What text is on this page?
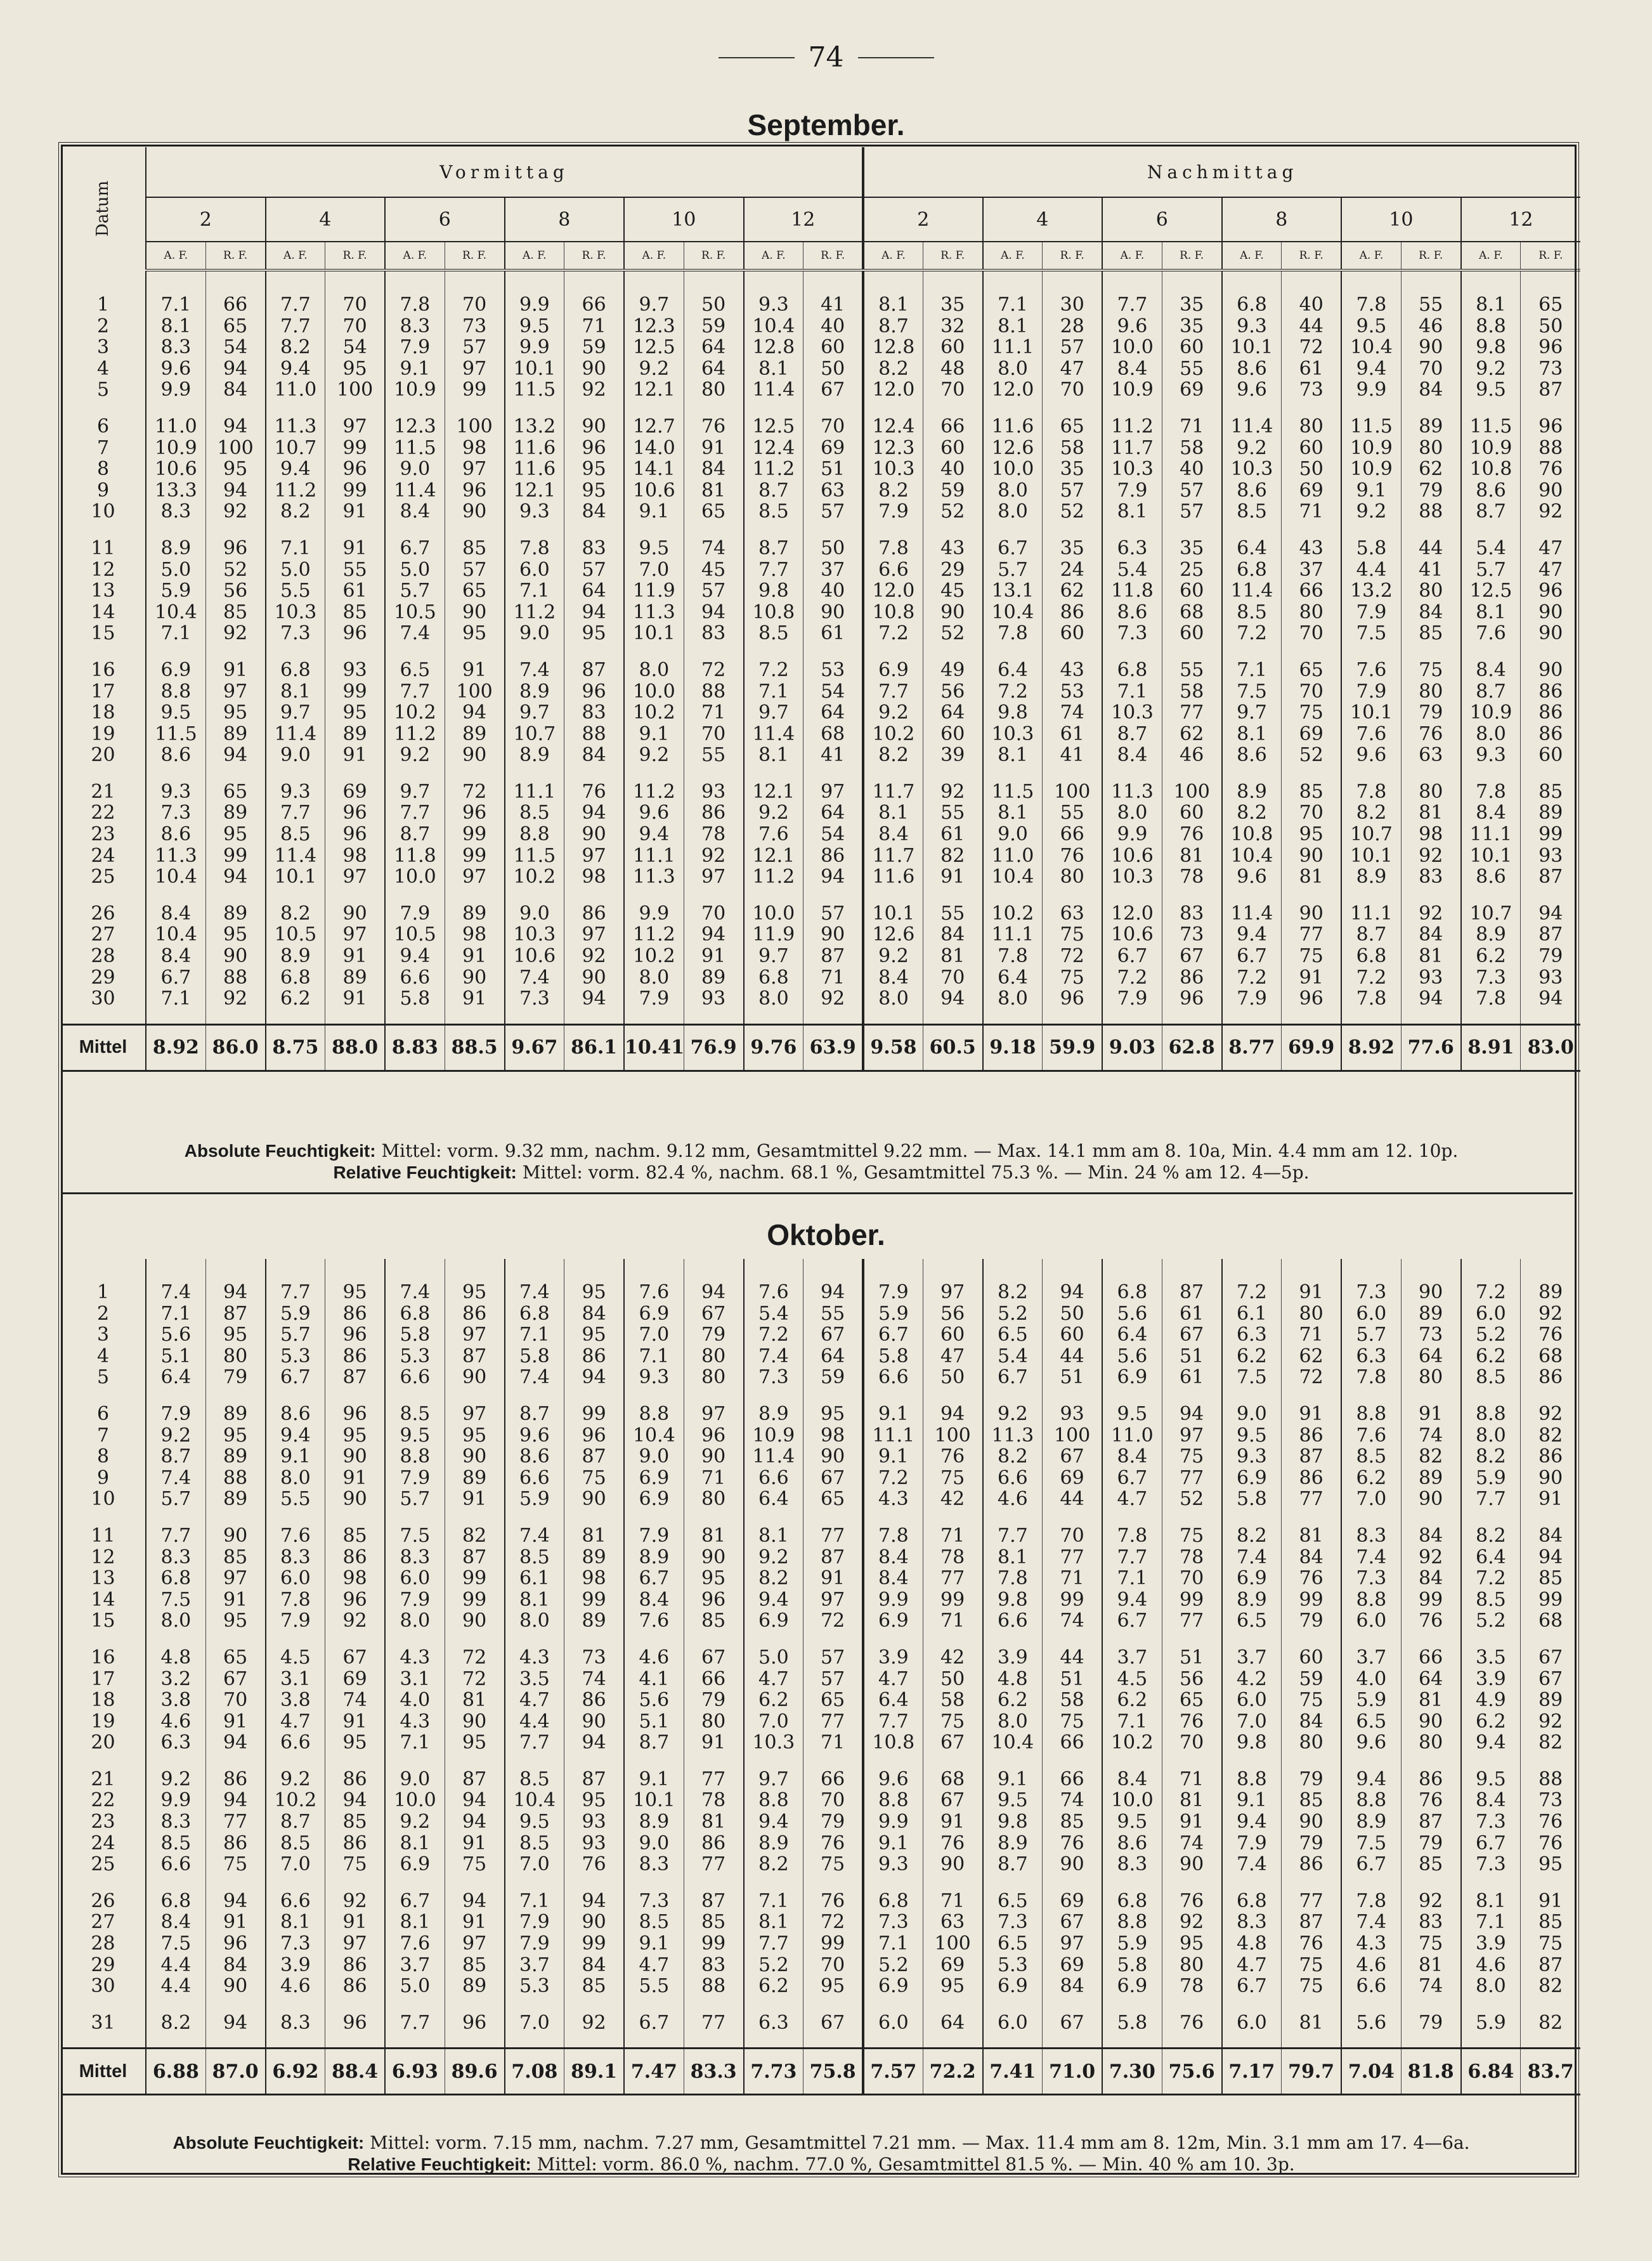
74
September.
Datum	Vormittag												Nachmittag											
	2		4		6		8		10		12		2		4		6		8		10		12	
	A. F.	R. F.	A. F.	R. F.	A. F.	R. F.	A. F.	R. F.	A. F.	R. F.	A. F.	R. F.	A. F.	R. F.	A. F.	R. F.	A. F.	R. F.	A. F.	R. F.	A. F.	R. F.	A. F.	R. F.

1	7.1	66	7.7	70	7.8	70	9.9	66	9.7	50	9.3	41	8.1	35	7.1	30	7.7	35	6.8	40	7.8	55	8.1	65
2	8.1	65	7.7	70	8.3	73	9.5	71	12.3	59	10.4	40	8.7	32	8.1	28	9.6	35	9.3	44	9.5	46	8.8	50
3	8.3	54	8.2	54	7.9	57	9.9	59	12.5	64	12.8	60	12.8	60	11.1	57	10.0	60	10.1	72	10.4	90	9.8	96
4	9.6	94	9.4	95	9.1	97	10.1	90	9.2	64	8.1	50	8.2	48	8.0	47	8.4	55	8.6	61	9.4	70	9.2	73
5	9.9	84	11.0	100	10.9	99	11.5	92	12.1	80	11.4	67	12.0	70	12.0	70	10.9	69	9.6	73	9.9	84	9.5	87

6	11.0	94	11.3	97	12.3	100	13.2	90	12.7	76	12.5	70	12.4	66	11.6	65	11.2	71	11.4	80	11.5	89	11.5	96
7	10.9	100	10.7	99	11.5	98	11.6	96	14.0	91	12.4	69	12.3	60	12.6	58	11.7	58	9.2	60	10.9	80	10.9	88
8	10.6	95	9.4	96	9.0	97	11.6	95	14.1	84	11.2	51	10.3	40	10.0	35	10.3	40	10.3	50	10.9	62	10.8	76
9	13.3	94	11.2	99	11.4	96	12.1	95	10.6	81	8.7	63	8.2	59	8.0	57	7.9	57	8.6	69	9.1	79	8.6	90
10	8.3	92	8.2	91	8.4	90	9.3	84	9.1	65	8.5	57	7.9	52	8.0	52	8.1	57	8.5	71	9.2	88	8.7	92

11	8.9	96	7.1	91	6.7	85	7.8	83	9.5	74	8.7	50	7.8	43	6.7	35	6.3	35	6.4	43	5.8	44	5.4	47
12	5.0	52	5.0	55	5.0	57	6.0	57	7.0	45	7.7	37	6.6	29	5.7	24	5.4	25	6.8	37	4.4	41	5.7	47
13	5.9	56	5.5	61	5.7	65	7.1	64	11.9	57	9.8	40	12.0	45	13.1	62	11.8	60	11.4	66	13.2	80	12.5	96
14	10.4	85	10.3	85	10.5	90	11.2	94	11.3	94	10.8	90	10.8	90	10.4	86	8.6	68	8.5	80	7.9	84	8.1	90
15	7.1	92	7.3	96	7.4	95	9.0	95	10.1	83	8.5	61	7.2	52	7.8	60	7.3	60	7.2	70	7.5	85	7.6	90

16	6.9	91	6.8	93	6.5	91	7.4	87	8.0	72	7.2	53	6.9	49	6.4	43	6.8	55	7.1	65	7.6	75	8.4	90
17	8.8	97	8.1	99	7.7	100	8.9	96	10.0	88	7.1	54	7.7	56	7.2	53	7.1	58	7.5	70	7.9	80	8.7	86
18	9.5	95	9.7	95	10.2	94	9.7	83	10.2	71	9.7	64	9.2	64	9.8	74	10.3	77	9.7	75	10.1	79	10.9	86
19	11.5	89	11.4	89	11.2	89	10.7	88	9.1	70	11.4	68	10.2	60	10.3	61	8.7	62	8.1	69	7.6	76	8.0	86
20	8.6	94	9.0	91	9.2	90	8.9	84	9.2	55	8.1	41	8.2	39	8.1	41	8.4	46	8.6	52	9.6	63	9.3	60

21	9.3	65	9.3	69	9.7	72	11.1	76	11.2	93	12.1	97	11.7	92	11.5	100	11.3	100	8.9	85	7.8	80	7.8	85
22	7.3	89	7.7	96	7.7	96	8.5	94	9.6	86	9.2	64	8.1	55	8.1	55	8.0	60	8.2	70	8.2	81	8.4	89
23	8.6	95	8.5	96	8.7	99	8.8	90	9.4	78	7.6	54	8.4	61	9.0	66	9.9	76	10.8	95	10.7	98	11.1	99
24	11.3	99	11.4	98	11.8	99	11.5	97	11.1	92	12.1	86	11.7	82	11.0	76	10.6	81	10.4	90	10.1	92	10.1	93
25	10.4	94	10.1	97	10.0	97	10.2	98	11.3	97	11.2	94	11.6	91	10.4	80	10.3	78	9.6	81	8.9	83	8.6	87

26	8.4	89	8.2	90	7.9	89	9.0	86	9.9	70	10.0	57	10.1	55	10.2	63	12.0	83	11.4	90	11.1	92	10.7	94
27	10.4	95	10.5	97	10.5	98	10.3	97	11.2	94	11.9	90	12.6	84	11.1	75	10.6	73	9.4	77	8.7	84	8.9	87
28	8.4	90	8.9	91	9.4	91	10.6	92	10.2	91	9.7	87	9.2	81	7.8	72	6.7	67	6.7	75	6.8	81	6.2	79
29	6.7	88	6.8	89	6.6	90	7.4	90	8.0	89	6.8	71	8.4	70	6.4	75	7.2	86	7.2	91	7.2	93	7.3	93
30	7.1	92	6.2	91	5.8	91	7.3	94	7.9	93	8.0	92	8.0	94	8.0	96	7.9	96	7.9	96	7.8	94	7.8	94

Mittel	8.92	86.0	8.75	88.0	8.83	88.5	9.67	86.1	10.41	76.9	9.76	63.9	9.58	60.5	9.18	59.9	9.03	62.8	8.77	69.9	8.92	77.6	8.91	83.0
Absolute Feuchtigkeit: Mittel: vorm. 9.32 mm, nachm. 9.12 mm, Gesamtmittel 9.22 mm. — Max. 14.1 mm am 8. 10a, Min. 4.4 mm am 12. 10p.
Relative Feuchtigkeit: Mittel: vorm. 82.4 %, nachm. 68.1 %, Gesamtmittel 75.3 %. — Min. 24 % am 12. 4—5p.
Oktober.

1	7.4	94	7.7	95	7.4	95	7.4	95	7.6	94	7.6	94	7.9	97	8.2	94	6.8	87	7.2	91	7.3	90	7.2	89
2	7.1	87	5.9	86	6.8	86	6.8	84	6.9	67	5.4	55	5.9	56	5.2	50	5.6	61	6.1	80	6.0	89	6.0	92
3	5.6	95	5.7	96	5.8	97	7.1	95	7.0	79	7.2	67	6.7	60	6.5	60	6.4	67	6.3	71	5.7	73	5.2	76
4	5.1	80	5.3	86	5.3	87	5.8	86	7.1	80	7.4	64	5.8	47	5.4	44	5.6	51	6.2	62	6.3	64	6.2	68
5	6.4	79	6.7	87	6.6	90	7.4	94	9.3	80	7.3	59	6.6	50	6.7	51	6.9	61	7.5	72	7.8	80	8.5	86

6	7.9	89	8.6	96	8.5	97	8.7	99	8.8	97	8.9	95	9.1	94	9.2	93	9.5	94	9.0	91	8.8	91	8.8	92
7	9.2	95	9.4	95	9.5	95	9.6	96	10.4	96	10.9	98	11.1	100	11.3	100	11.0	97	9.5	86	7.6	74	8.0	82
8	8.7	89	9.1	90	8.8	90	8.6	87	9.0	90	11.4	90	9.1	76	8.2	67	8.4	75	9.3	87	8.5	82	8.2	86
9	7.4	88	8.0	91	7.9	89	6.6	75	6.9	71	6.6	67	7.2	75	6.6	69	6.7	77	6.9	86	6.2	89	5.9	90
10	5.7	89	5.5	90	5.7	91	5.9	90	6.9	80	6.4	65	4.3	42	4.6	44	4.7	52	5.8	77	7.0	90	7.7	91

11	7.7	90	7.6	85	7.5	82	7.4	81	7.9	81	8.1	77	7.8	71	7.7	70	7.8	75	8.2	81	8.3	84	8.2	84
12	8.3	85	8.3	86	8.3	87	8.5	89	8.9	90	9.2	87	8.4	78	8.1	77	7.7	78	7.4	84	7.4	92	6.4	94
13	6.8	97	6.0	98	6.0	99	6.1	98	6.7	95	8.2	91	8.4	77	7.8	71	7.1	70	6.9	76	7.3	84	7.2	85
14	7.5	91	7.8	96	7.9	99	8.1	99	8.4	96	9.4	97	9.9	99	9.8	99	9.4	99	8.9	99	8.8	99	8.5	99
15	8.0	95	7.9	92	8.0	90	8.0	89	7.6	85	6.9	72	6.9	71	6.6	74	6.7	77	6.5	79	6.0	76	5.2	68

16	4.8	65	4.5	67	4.3	72	4.3	73	4.6	67	5.0	57	3.9	42	3.9	44	3.7	51	3.7	60	3.7	66	3.5	67
17	3.2	67	3.1	69	3.1	72	3.5	74	4.1	66	4.7	57	4.7	50	4.8	51	4.5	56	4.2	59	4.0	64	3.9	67
18	3.8	70	3.8	74	4.0	81	4.7	86	5.6	79	6.2	65	6.4	58	6.2	58	6.2	65	6.0	75	5.9	81	4.9	89
19	4.6	91	4.7	91	4.3	90	4.4	90	5.1	80	7.0	77	7.7	75	8.0	75	7.1	76	7.0	84	6.5	90	6.2	92
20	6.3	94	6.6	95	7.1	95	7.7	94	8.7	91	10.3	71	10.8	67	10.4	66	10.2	70	9.8	80	9.6	80	9.4	82

21	9.2	86	9.2	86	9.0	87	8.5	87	9.1	77	9.7	66	9.6	68	9.1	66	8.4	71	8.8	79	9.4	86	9.5	88
22	9.9	94	10.2	94	10.0	94	10.4	95	10.1	78	8.8	70	8.8	67	9.5	74	10.0	81	9.1	85	8.8	76	8.4	73
23	8.3	77	8.7	85	9.2	94	9.5	93	8.9	81	9.4	79	9.9	91	9.8	85	9.5	91	9.4	90	8.9	87	7.3	76
24	8.5	86	8.5	86	8.1	91	8.5	93	9.0	86	8.9	76	9.1	76	8.9	76	8.6	74	7.9	79	7.5	79	6.7	76
25	6.6	75	7.0	75	6.9	75	7.0	76	8.3	77	8.2	75	9.3	90	8.7	90	8.3	90	7.4	86	6.7	85	7.3	95

26	6.8	94	6.6	92	6.7	94	7.1	94	7.3	87	7.1	76	6.8	71	6.5	69	6.8	76	6.8	77	7.8	92	8.1	91
27	8.4	91	8.1	91	8.1	91	7.9	90	8.5	85	8.1	72	7.3	63	7.3	67	8.8	92	8.3	87	7.4	83	7.1	85
28	7.5	96	7.3	97	7.6	97	7.9	99	9.1	99	7.7	99	7.1	100	6.5	97	5.9	95	4.8	76	4.3	75	3.9	75
29	4.4	84	3.9	86	3.7	85	3.7	84	4.7	83	5.2	70	5.2	69	5.3	69	5.8	80	4.7	75	4.6	81	4.6	87
30	4.4	90	4.6	86	5.0	89	5.3	85	5.5	88	6.2	95	6.9	95	6.9	84	6.9	78	6.7	75	6.6	74	8.0	82

31	8.2	94	8.3	96	7.7	96	7.0	92	6.7	77	6.3	67	6.0	64	6.0	67	5.8	76	6.0	81	5.6	79	5.9	82

Mittel	6.88	87.0	6.92	88.4	6.93	89.6	7.08	89.1	7.47	83.3	7.73	75.8	7.57	72.2	7.41	71.0	7.30	75.6	7.17	79.7	7.04	81.8	6.84	83.7
Absolute Feuchtigkeit: Mittel: vorm. 7.15 mm, nachm. 7.27 mm, Gesamtmittel 7.21 mm. — Max. 11.4 mm am 8. 12m, Min. 3.1 mm am 17. 4—6a.
Relative Feuchtigkeit: Mittel: vorm. 86.0 %, nachm. 77.0 %, Gesamtmittel 81.5 %. — Min. 40 % am 10. 3p.
